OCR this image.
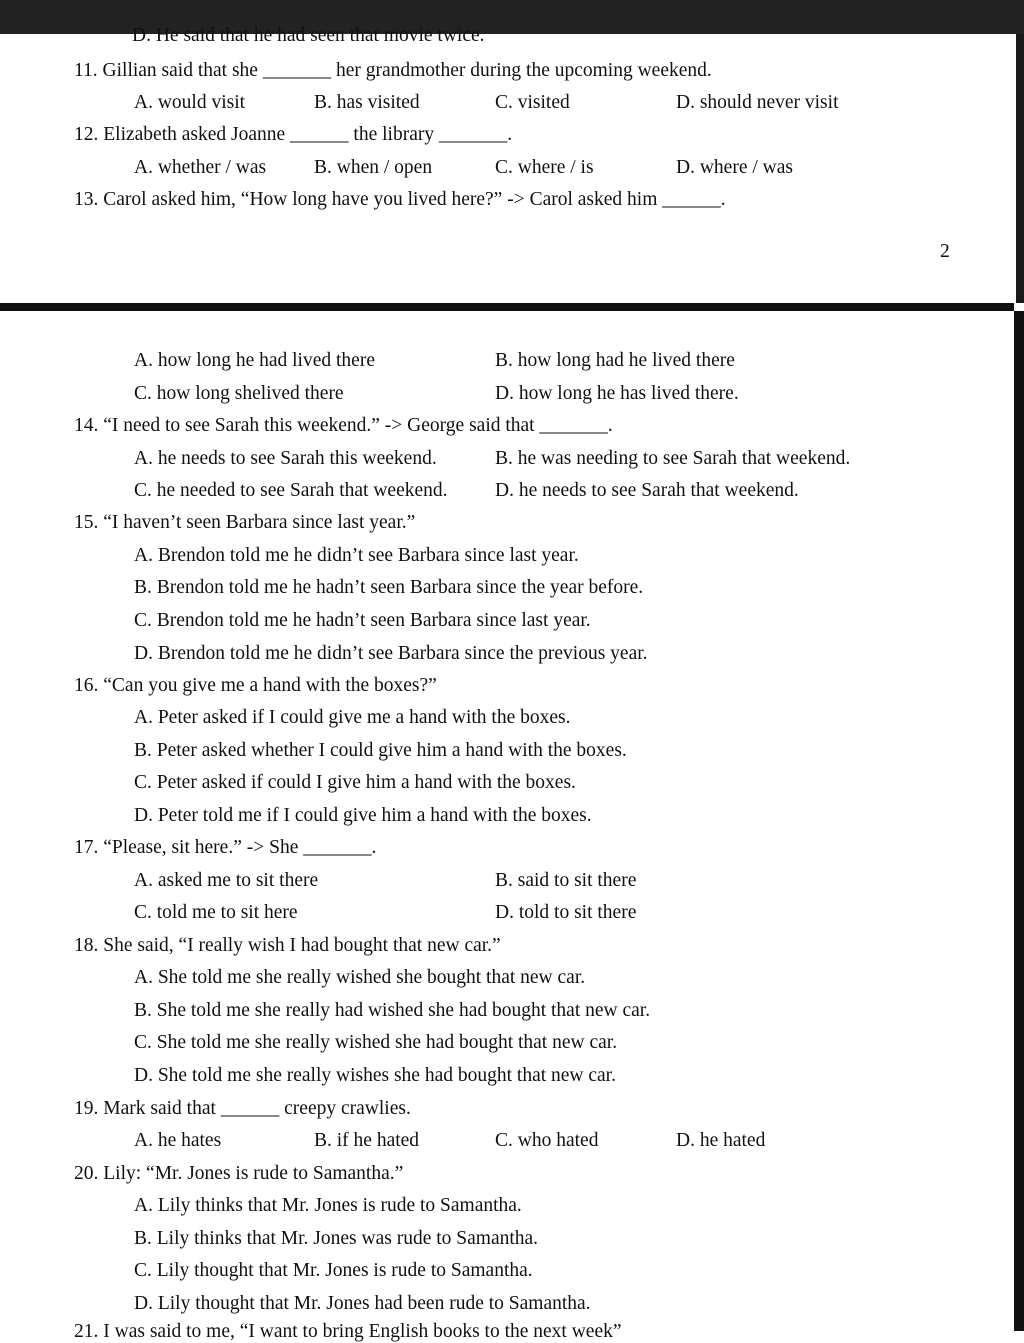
D. He said that he had seen that movie twice.
11. Gillian said that she _______ her grandmother during the upcoming weekend.
A. would visit	B. has visited	C. visited	D. should never visit
12. Elizabeth asked Joanne ______ the library _______.
A. whether / was B. when / open	C. where / is	D. where / was
13. Carol asked him, “How long have you lived here?” -> Carol asked him ______.
2
A. how long he had lived there	B. how long had he lived there
C. how long shelived there	D. how long he has lived there.
14. “I need to see Sarah this weekend.” -> George said that _______.
A. he needs to see Sarah this weekend.	B. he was needing to see Sarah that weekend.
C. he needed to see Sarah that weekend. D. he needs to see Sarah that weekend.
15. “I haven’t seen Barbara since last year.”
A. Brendon told me he didn’t see Barbara since last year.
B. Brendon told me he hadn’t seen Barbara since the year before.
C. Brendon told me he hadn’t seen Barbara since last year.
D. Brendon told me he didn’t see Barbara since the previous year.
16. “Can you give me a hand with the boxes?”
A. Peter asked if I could give me a hand with the boxes.
B. Peter asked whether I could give him a hand with the boxes.
C. Peter asked if could I give him a hand with the boxes.
D. Peter told me if I could give him a hand with the boxes.
17. “Please, sit here.” -> She _______.
A. asked me to sit there	B. said to sit there
C. told me to sit here	D. told to sit there
18. She said, “I really wish I had bought that new car.”
A. She told me she really wished she bought that new car.
B. She told me she really had wished she had bought that new car.
C. She told me she really wished she had bought that new car.
D. She told me she really wishes she had bought that new car.
19. Mark said that ______ creepy crawlies.
A. he hates	B. if he hated	C. who hated	D. he hated
20. Lily: “Mr. Jones is rude to Samantha.”
A. Lily thinks that Mr. Jones is rude to Samantha.
B. Lily thinks that Mr. Jones was rude to Samantha.
C. Lily thought that Mr. Jones is rude to Samantha.
D. Lily thought that Mr. Jones had been rude to Samantha.
21. I was said to me, “I want to bring English books to the next week”
